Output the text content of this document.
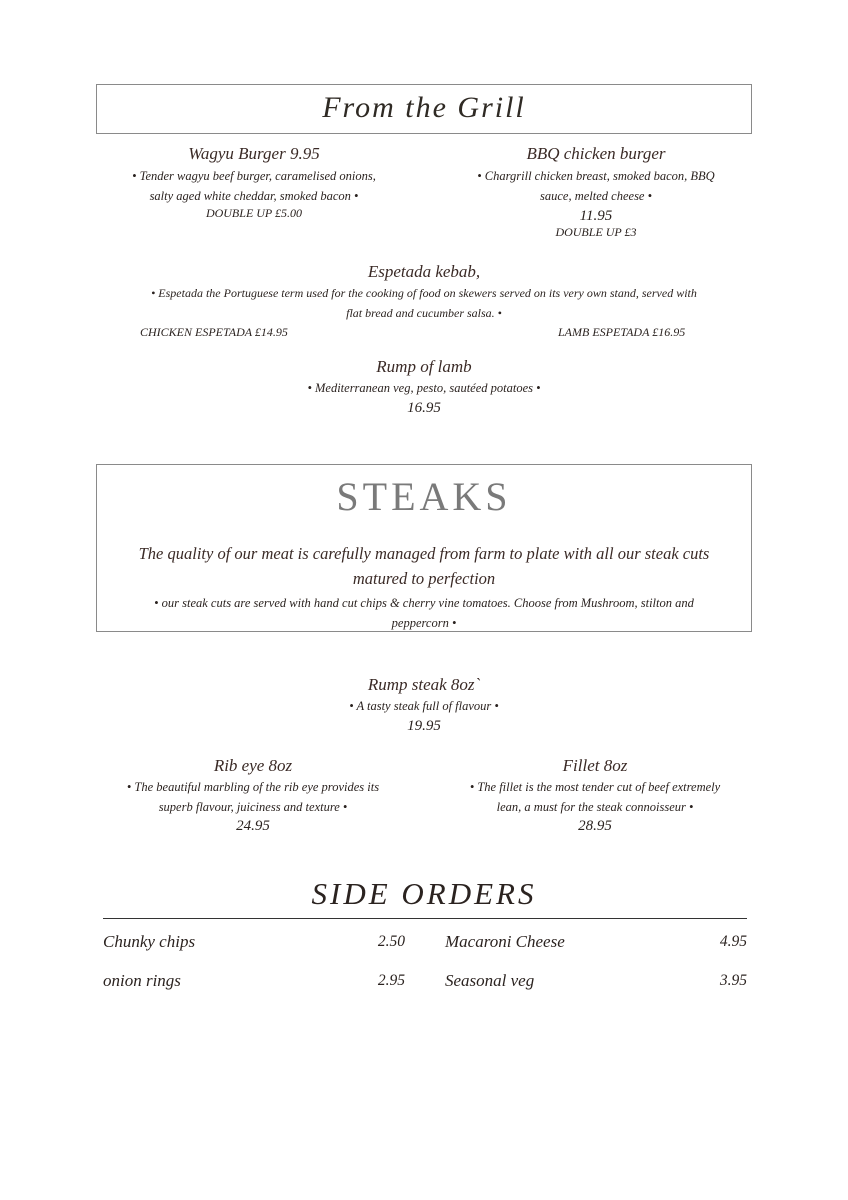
From the Grill
Wagyu Burger 9.95
• Tender wagyu beef burger, caramelised onions,
salty aged white cheddar, smoked bacon •
DOUBLE UP £5.00
BBQ chicken burger
• Chargrill chicken breast, smoked bacon, BBQ
sauce, melted cheese •
11.95
DOUBLE UP £3
Espetada kebab,
• Espetada the Portuguese term used for the cooking of food on skewers served on its very own stand, served with
flat bread and cucumber salsa. •
CHICKEN ESPETADA £14.95	LAMB ESPETADA £16.95
Rump of lamb
• Mediterranean veg, pesto, sautéed potatoes •
16.95
STEAKS
The quality of our meat is carefully managed from farm to plate with all our steak cuts
matured to perfection
• our steak cuts are served with hand cut chips & cherry vine tomatoes. Choose from Mushroom, stilton and
peppercorn •
Rump steak 8oz`
• A tasty steak full of flavour •
19.95
Rib eye 8oz
• The beautiful marbling of the rib eye provides its
superb flavour, juiciness and texture •
24.95
Fillet 8oz
• The fillet is the most tender cut of beef extremely
lean, a must for the steak connoisseur •
28.95
SIDE ORDERS
Chunky chips	2.50
onion rings	2.95
Macaroni Cheese	4.95
Seasonal veg	3.95
